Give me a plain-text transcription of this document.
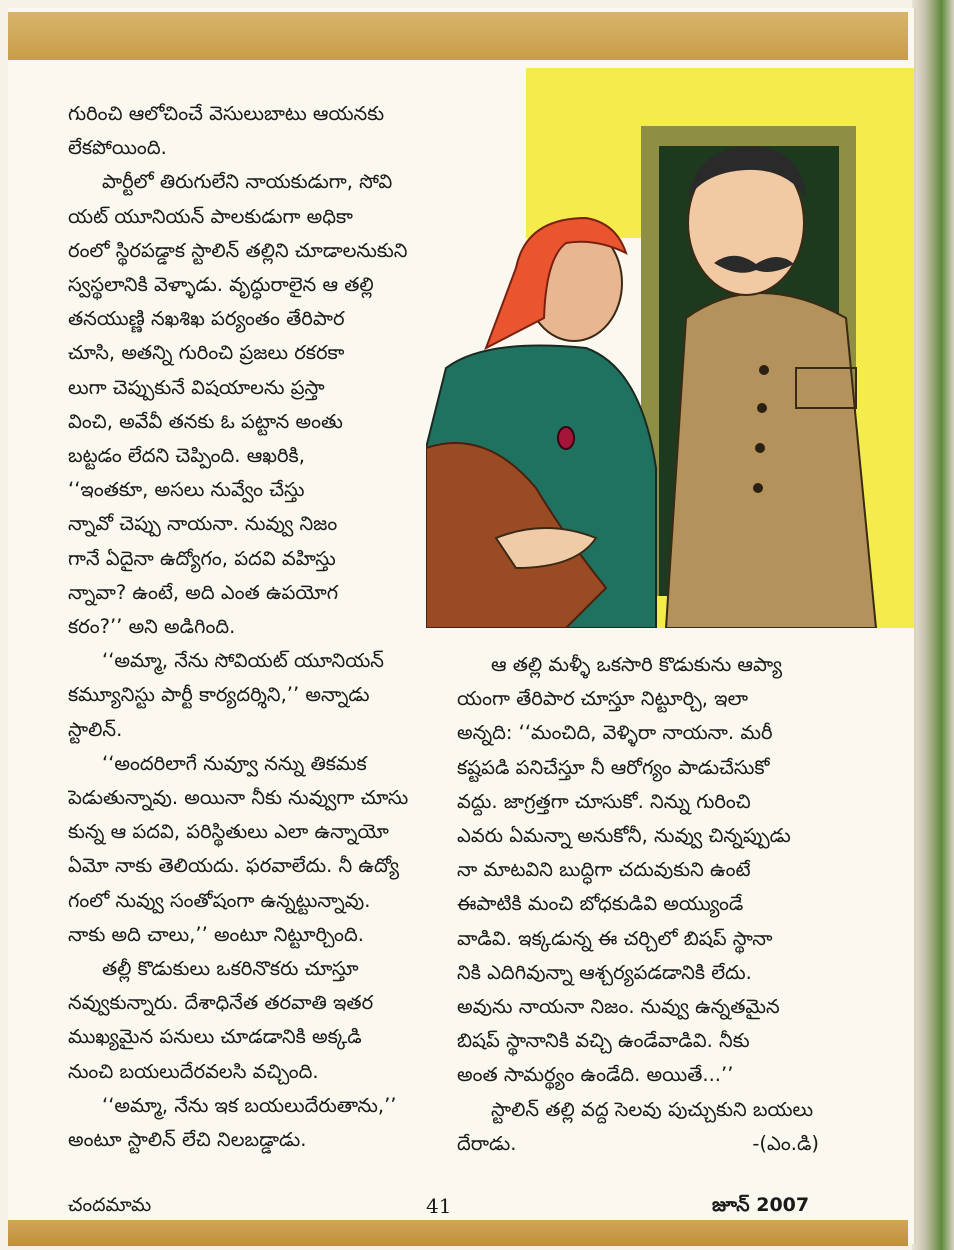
గురించి ఆలోచించే వెసులుబాటు ఆయనకు
లేకపోయింది.
పార్టీలో తిరుగులేని నాయకుడుగా, సోవి
యట్ యూనియన్ పాలకుడుగా అధికా
రంలో స్థిరపడ్డాక స్టాలిన్ తల్లిని చూడాలనుకుని
స్వస్థలానికి వెళ్ళాడు. వృద్ధురాలైన ఆ తల్లి
తనయుణ్ణి నఖశిఖ పర్యంతం తేరిపార
చూసి, అతన్ని గురించి ప్రజలు రకరకా
లుగా చెప్పుకునే విషయాలను ప్రస్తా
వించి, అవేవీ తనకు ఓ పట్టాన అంతు
బట్టడం లేదని చెప్పింది. ఆఖరికి,
‘‘ఇంతకూ, అసలు నువ్వేం చేస్తు
న్నావో చెప్పు నాయనా. నువ్వు నిజం
గానే ఏదైనా ఉద్యోగం, పదవి వహిస్తు
న్నావా? ఉంటే, అది ఎంత ఉపయోగ
కరం?’’ అని అడిగింది.
‘‘అమ్మా, నేను సోవియట్ యూనియన్
కమ్యూనిస్టు పార్టీ కార్యదర్శిని,’’ అన్నాడు
స్టాలిన్.
‘‘అందరిలాగే నువ్వూ నన్ను తికమక
పెడుతున్నావు. అయినా నీకు నువ్వుగా చూసు
కున్న ఆ పదవి, పరిస్థితులు ఎలా ఉన్నాయో
ఏమో నాకు తెలియదు. ఫరవాలేదు. నీ ఉద్యో
గంలో నువ్వు సంతోషంగా ఉన్నట్టున్నావు.
నాకు అది చాలు,’’ అంటూ నిట్టూర్చింది.
తల్లీ కొడుకులు ఒకరినొకరు చూస్తూ
నవ్వుకున్నారు. దేశాధినేత తరవాతి ఇతర
ముఖ్యమైన పనులు చూడడానికి అక్కడి
నుంచి బయలుదేరవలసి వచ్చింది.
‘‘అమ్మా, నేను ఇక బయలుదేరుతాను,’’
అంటూ స్టాలిన్ లేచి నిలబడ్డాడు.
ఆ తల్లి మళ్ళీ ఒకసారి కొడుకును ఆప్యా
యంగా తేరిపార చూస్తూ నిట్టూర్చి, ఇలా
అన్నది: ‘‘మంచిది, వెళ్ళిరా నాయనా. మరీ
కష్టపడి పనిచేస్తూ నీ ఆరోగ్యం పాడుచేసుకో
వద్దు. జాగ్రత్తగా చూసుకో. నిన్ను గురించి
ఎవరు ఏమన్నా అనుకోనీ, నువ్వు చిన్నప్పుడు
నా మాటవిని బుద్ధిగా చదువుకుని ఉంటే
ఈపాటికి మంచి బోధకుడివి అయ్యుండే
వాడివి. ఇక్కడున్న ఈ చర్చిలో బిషప్ స్థానా
నికి ఎదిగివున్నా ఆశ్చర్యపడడానికి లేదు.
అవును నాయనా నిజం. నువ్వు ఉన్నతమైన
బిషప్ స్థానానికి వచ్చి ఉండేవాడివి. నీకు
అంత సామర్థ్యం ఉండేది. అయితే...’’
స్టాలిన్ తల్లి వద్ద సెలవు పుచ్చుకుని బయలు
దేరాడు.	-(ఎం.డి)
చందమామ	41	జూన్ 2007
